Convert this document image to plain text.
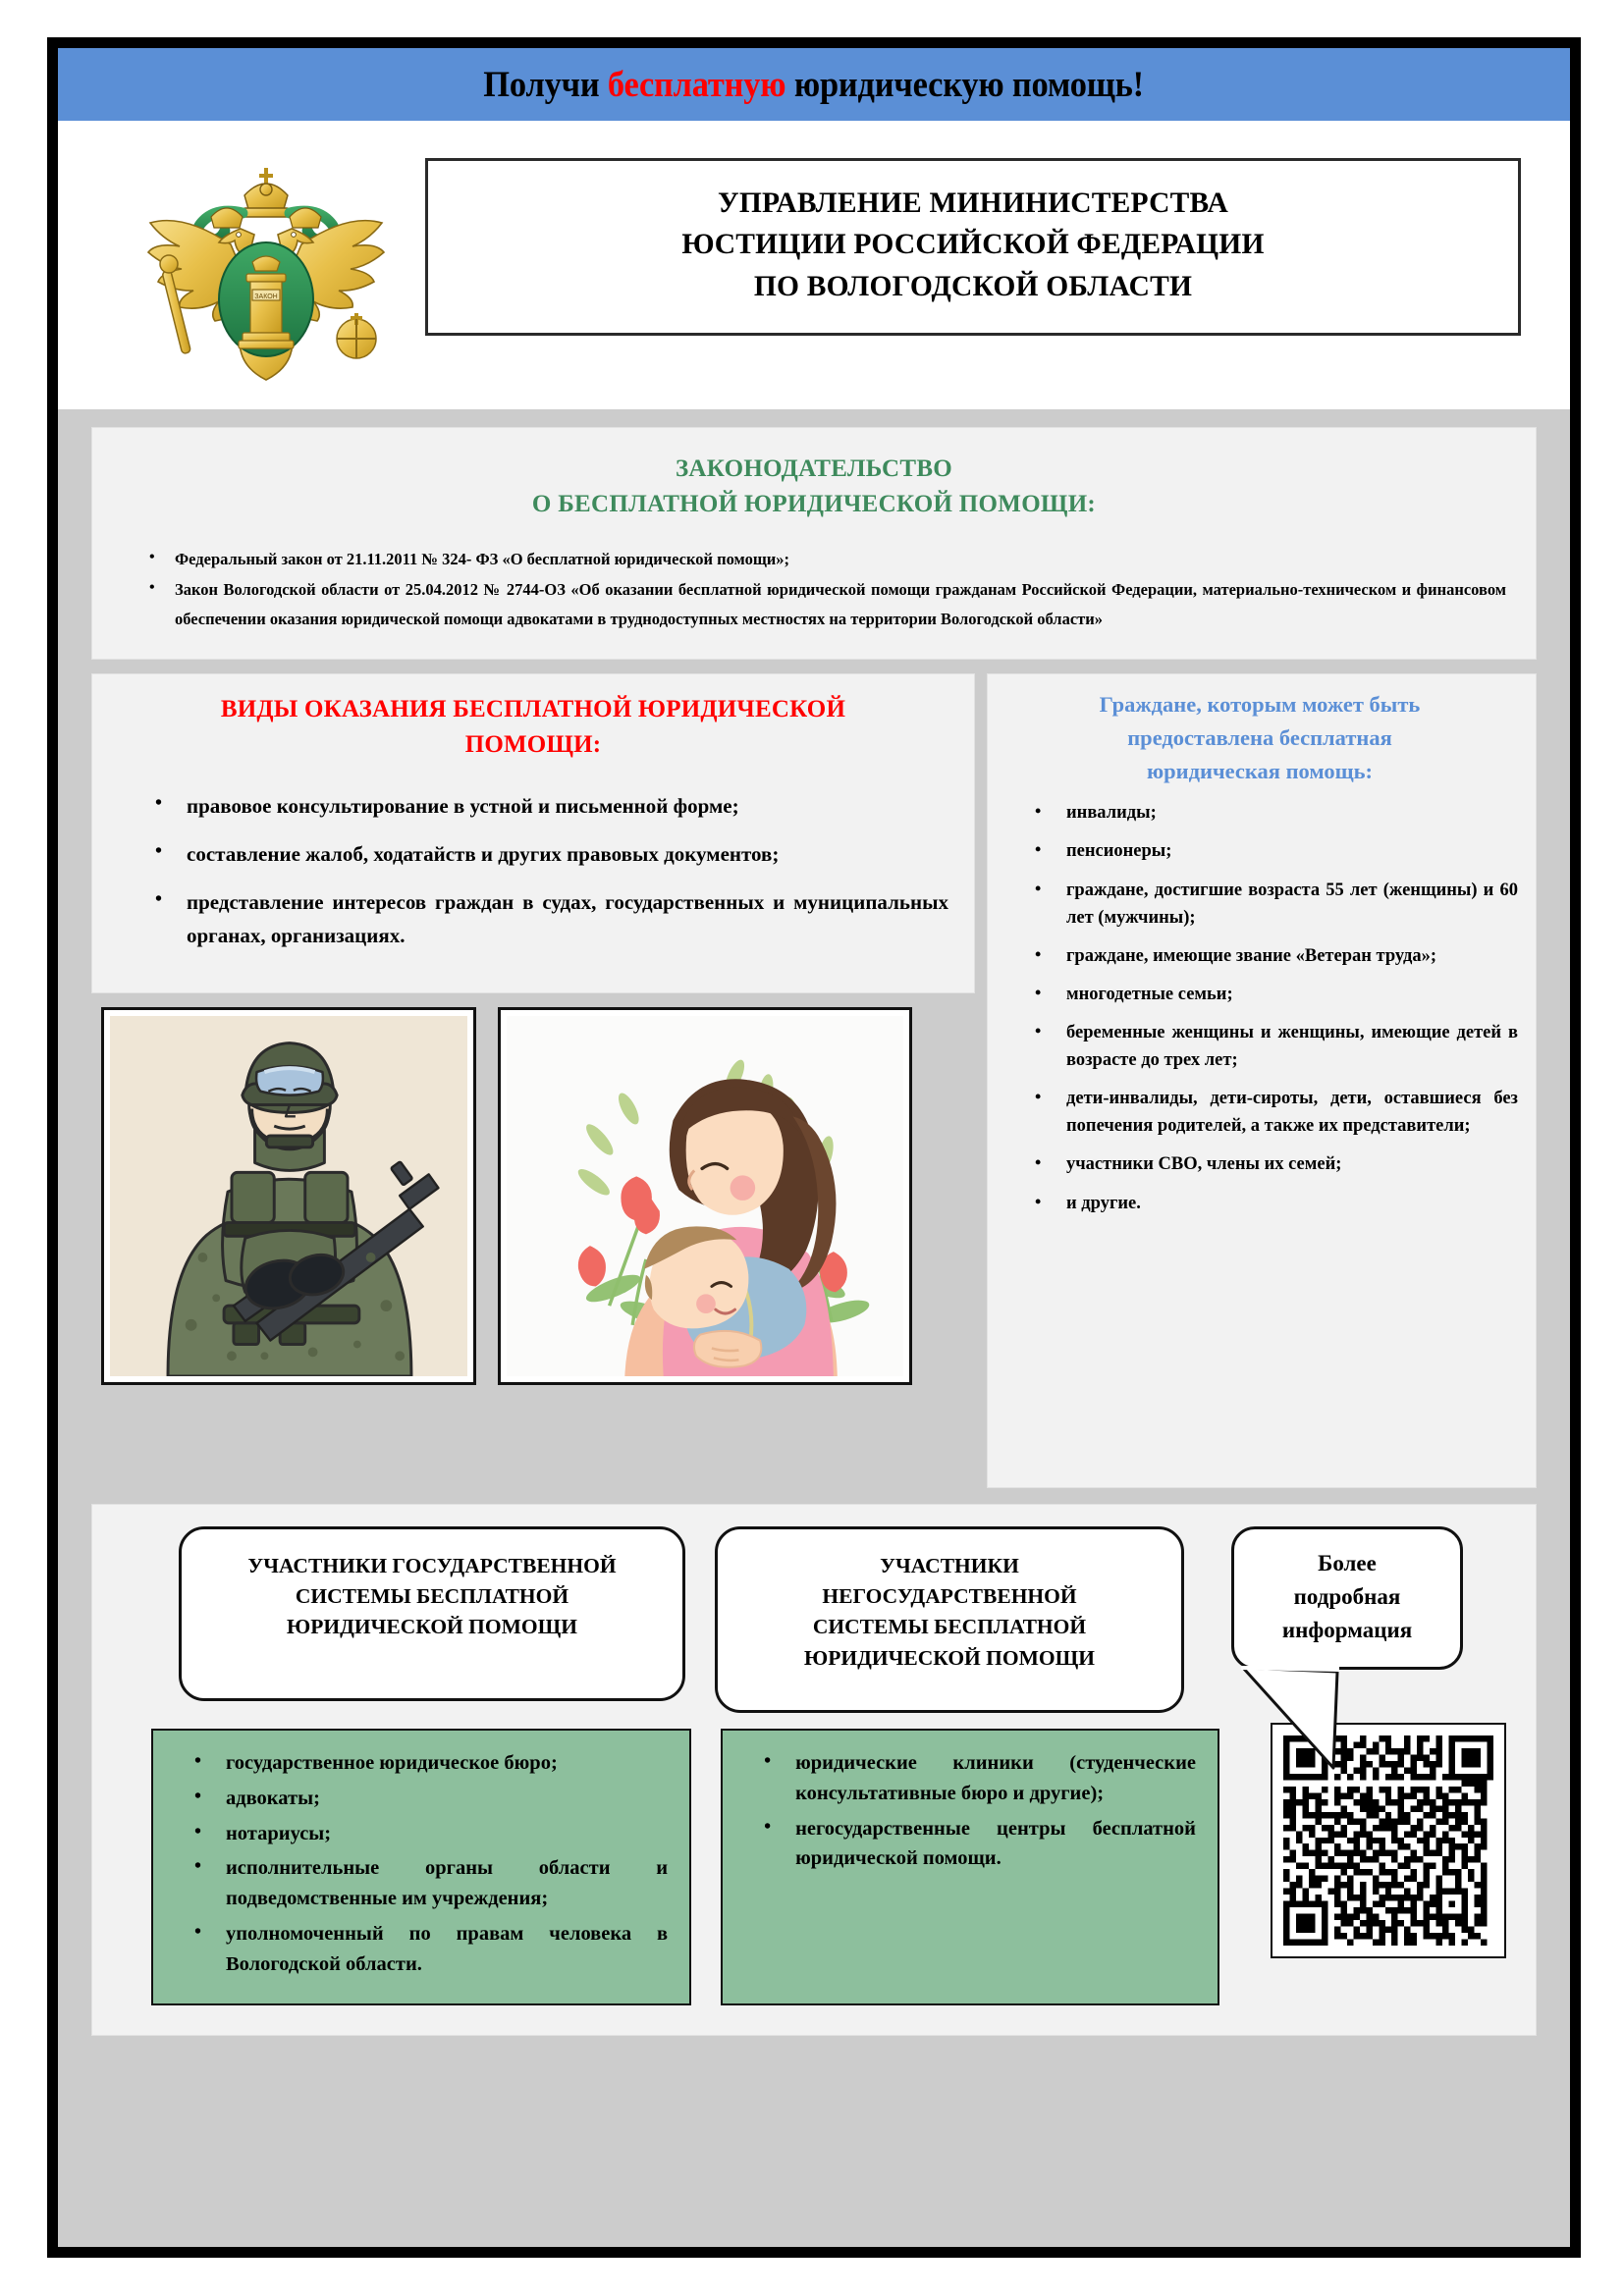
Получи бесплатную юридическую помощь!
ЗАКОН
УПРАВЛЕНИЕ МИНИНИСТЕРСТВА
ЮСТИЦИИ РОССИЙСКОЙ ФЕДЕРАЦИИ
ПО ВОЛОГОДСКОЙ ОБЛАСТИ
ЗАКОНОДАТЕЛЬСТВО
О БЕСПЛАТНОЙ ЮРИДИЧЕСКОЙ ПОМОЩИ:
• Федеральный закон от 21.11.2011 № 324- ФЗ «О бесплатной юридической помощи»;
• Закон Вологодской области от 25.04.2012 № 2744-ОЗ «Об оказании бесплатной юридической помощи гражданам Российской Федерации, материально-техническом и финансовом обеспечении оказания юридической помощи адвокатами в труднодоступных местностях на территории Вологодской области»
ВИДЫ ОКАЗАНИЯ БЕСПЛАТНОЙ ЮРИДИЧЕСКОЙ
ПОМОЩИ:
• правовое консультирование в устной и письменной форме;
• составление жалоб, ходатайств и других правовых документов;
• представление интересов граждан в судах, государственных и муниципальных органах, организациях.
Граждане, которым может быть
предоставлена бесплатная
юридическая помощь:
• инвалиды;
• пенсионеры;
• граждане, достигшие возраста 55 лет (женщины) и 60 лет (мужчины);
• граждане, имеющие звание «Ветеран труда»;
• многодетные семьи;
• беременные женщины и женщины, имеющие детей в возрасте до трех лет;
• дети-инвалиды, дети-сироты, дети, оставшиеся без попечения родителей, а также их представители;
• участники СВО, члены их семей;
• и другие.
УЧАСТНИКИ ГОСУДАРСТВЕННОЙ
СИСТЕМЫ БЕСПЛАТНОЙ
ЮРИДИЧЕСКОЙ ПОМОЩИ
УЧАСТНИКИ
НЕГОСУДАРСТВЕННОЙ
СИСТЕМЫ БЕСПЛАТНОЙ
ЮРИДИЧЕСКОЙ ПОМОЩИ
Более
подробная
информация
• государственное юридическое бюро;
• адвокаты;
• нотариусы;
• исполнительные органы области и подведомственные им учреждения;
• уполномоченный по правам человека в Вологодской области.
• юридические клиники (студенческие консультативные бюро и другие);
• негосударственные центры бесплатной юридической помощи.
